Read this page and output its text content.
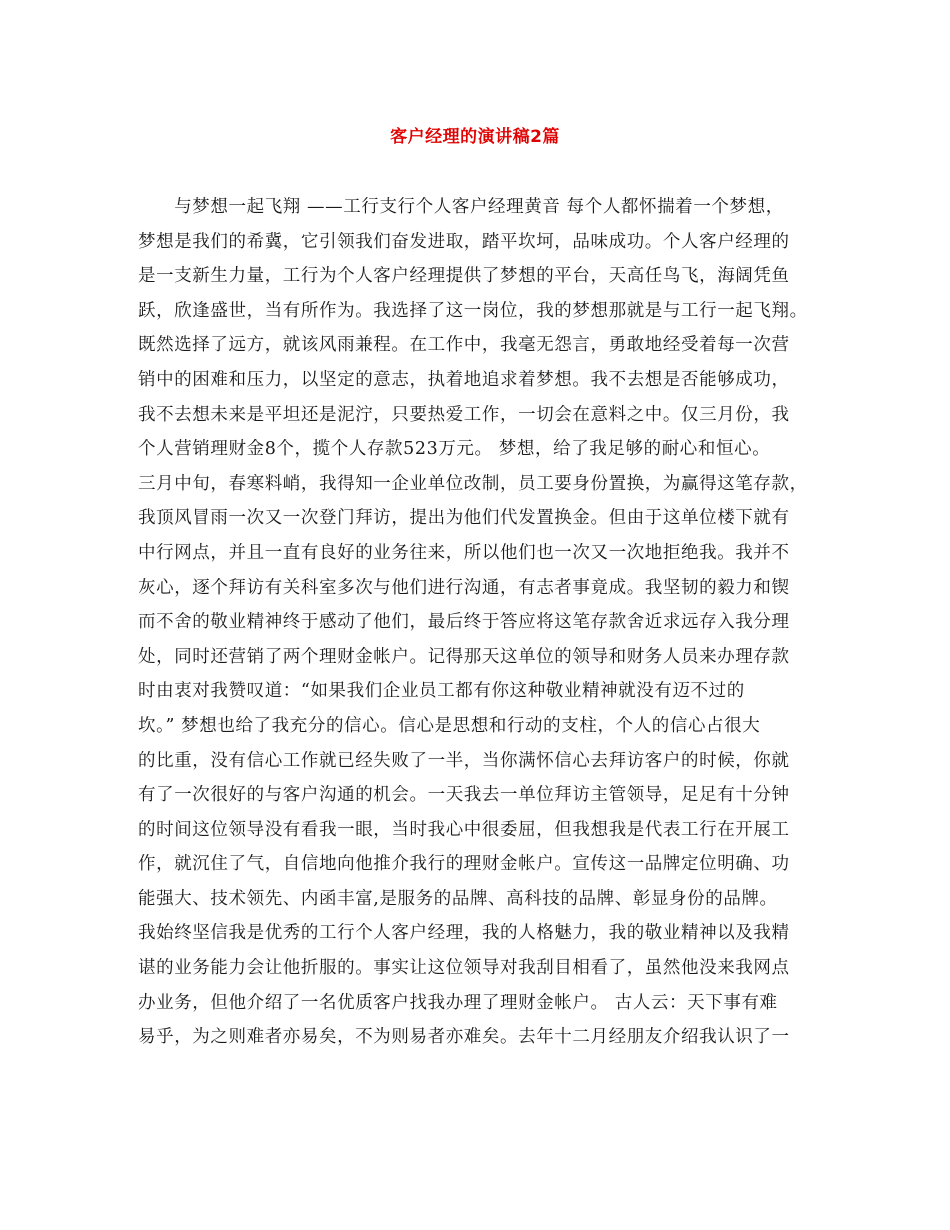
客户经理的演讲稿2篇
　　与梦想一起飞翔 ——工行支行个人客户经理黄音 每个人都怀揣着一个梦想，
梦想是我们的希冀，它引领我们奋发进取，踏平坎坷，品味成功。个人客户经理的
是一支新生力量，工行为个人客户经理提供了梦想的平台，天高任鸟飞，海阔凭鱼
跃，欣逢盛世，当有所作为。我选择了这一岗位，我的梦想那就是与工行一起飞翔。
既然选择了远方，就该风雨兼程。在工作中，我毫无怨言，勇敢地经受着每一次营
销中的困难和压力，以坚定的意志，执着地追求着梦想。我不去想是否能够成功，
我不去想未来是平坦还是泥泞，只要热爱工作，一切会在意料之中。仅三月份，我
个人营销理财金8个，揽个人存款523万元。 梦想，给了我足够的耐心和恒心。
三月中旬，春寒料峭，我得知一企业单位改制，员工要身份置换，为赢得这笔存款，
我顶风冒雨一次又一次登门拜访，提出为他们代发置换金。但由于这单位楼下就有
中行网点，并且一直有良好的业务往来，所以他们也一次又一次地拒绝我。我并不
灰心，逐个拜访有关科室多次与他们进行沟通，有志者事竟成。我坚韧的毅力和锲
而不舍的敬业精神终于感动了他们，最后终于答应将这笔存款舍近求远存入我分理
处，同时还营销了两个理财金帐户。记得那天这单位的领导和财务人员来办理存款
时由衷对我赞叹道：“如果我们企业员工都有你这种敬业精神就没有迈不过的
坎。” 梦想也给了我充分的信心。信心是思想和行动的支柱，个人的信心占很大
的比重，没有信心工作就已经失败了一半，当你满怀信心去拜访客户的时候，你就
有了一次很好的与客户沟通的机会。一天我去一单位拜访主管领导，足足有十分钟
的时间这位领导没有看我一眼，当时我心中很委屈，但我想我是代表工行在开展工
作，就沉住了气，自信地向他推介我行的理财金帐户。宣传这一品牌定位明确、功
能强大、技术领先、内函丰富,是服务的品牌、高科技的品牌、彰显身份的品牌。
我始终坚信我是优秀的工行个人客户经理，我的人格魅力，我的敬业精神以及我精
谌的业务能力会让他折服的。事实让这位领导对我刮目相看了，虽然他没来我网点
办业务，但他介绍了一名优质客户找我办理了理财金帐户。 古人云：天下事有难
易乎，为之则难者亦易矣，不为则易者亦难矣。去年十二月经朋友介绍我认识了一
